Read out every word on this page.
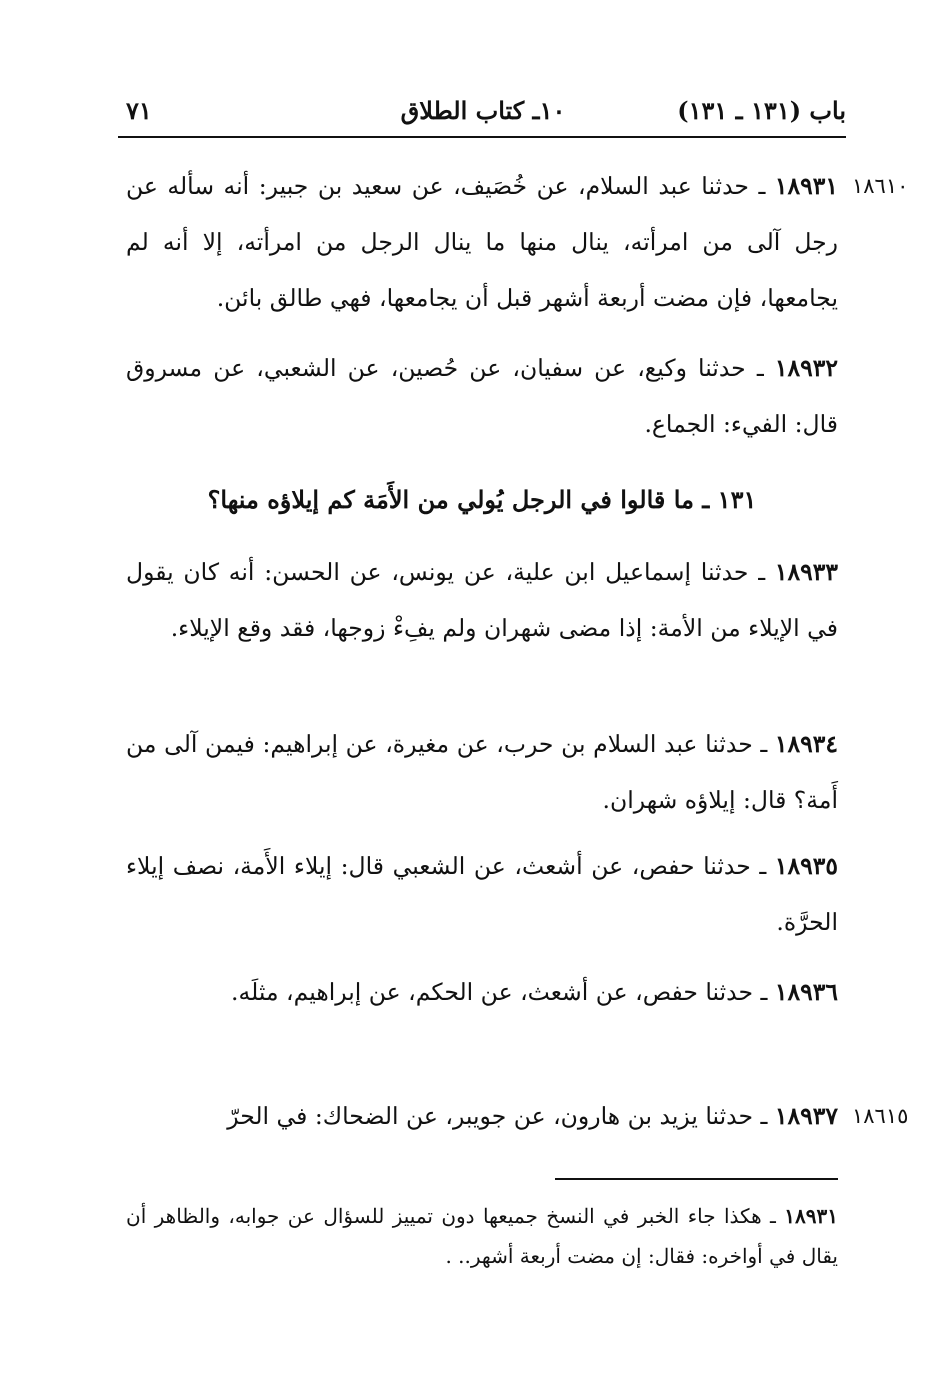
باب (١٣١ ـ ١٣١)
١٠ـ كتاب الطلاق
٧١
١٨٦١٠
١٨٩٣١ ـ حدثنا عبد السلام، عن خُصَيف، عن سعيد بن جبير: أنه سأله عن رجل آلى من امرأته، ينال منها ما ينال الرجل من امرأته، إلا أنه لم يجامعها، فإن مضت أربعة أشهر قبل أن يجامعها، فهي طالق بائن.
١٨٩٣٢ ـ حدثنا وكيع، عن سفيان، عن حُصين، عن الشعبي، عن مسروق قال: الفيء: الجماع.
١٣١ ـ ما قالوا في الرجل يُولي من الأَمَة كم إيلاؤه منها؟
١٨٩٣٣ ـ حدثنا إسماعيل ابن علية، عن يونس، عن الحسن: أنه كان يقول في الإيلاء من الأمة: إذا مضى شهران ولم يفِءْ زوجها، فقد وقع الإيلاء.
١٨٩٣٤ ـ حدثنا عبد السلام بن حرب، عن مغيرة، عن إبراهيم: فيمن آلى من أَمة؟ قال: إيلاؤه شهران.
١٨٩٣٥ ـ حدثنا حفص، عن أشعث، عن الشعبي قال: إيلاء الأَمة، نصف إيلاء الحرَّة.
١٨٩٣٦ ـ حدثنا حفص، عن أشعث، عن الحكم، عن إبراهيم، مثلَه.
١٨٦١٥
١٨٩٣٧ ـ حدثنا يزيد بن هارون، عن جويبر، عن الضحاك: في الحرّ
١٨٩٣١ ـ هكذا جاء الخبر في النسخ جميعها دون تمييز للسؤال عن جوابه، والظاهر أن يقال في أواخره: فقال: إن مضت أربعة أشهر.. .
